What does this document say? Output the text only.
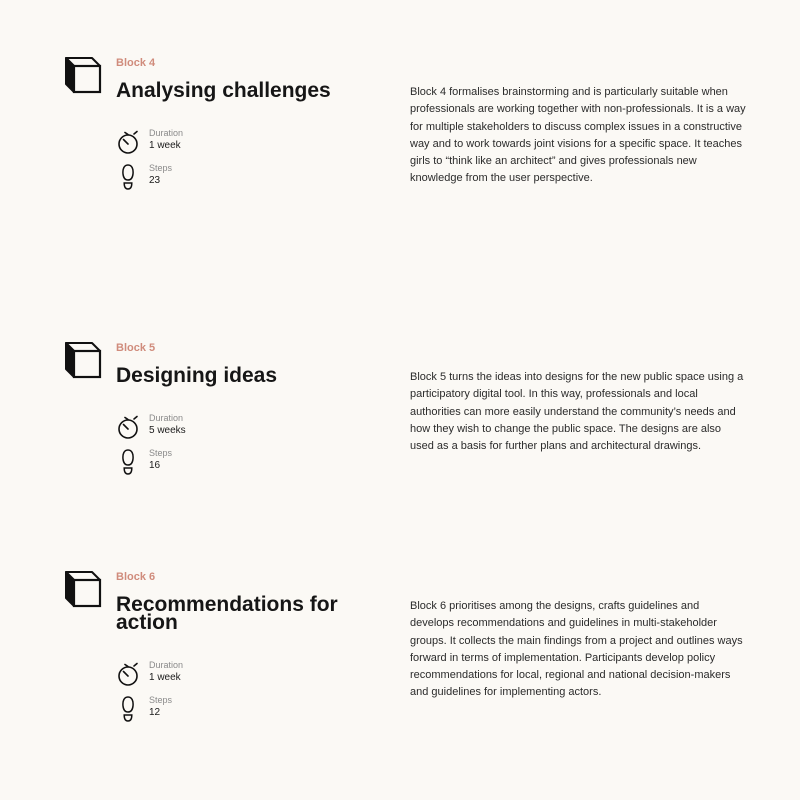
Block 4
Analysing challenges
Duration
1 week
Steps
23

Block 4 formalises brainstorming and is particularly suitable when professionals are working together with non-professionals. It is a way for multiple stakeholders to discuss complex issues in a constructive way and to work towards joint visions for a specific space. It teaches girls to “think like an architect” and gives professionals new knowledge from the user perspective.

Block 5
Designing ideas
Duration
5 weeks
Steps
16

Block 5 turns the ideas into designs for the new public space using a participatory digital tool. In this way, professionals and local authorities can more easily understand the community’s needs and how they wish to change the public space. The designs are also used as a basis for further plans and architectural drawings.

Block 6
Recommendations for action
Duration
1 week
Steps
12

Block 6 prioritises among the designs, crafts guidelines and develops recommendations and guidelines in multi-stakeholder groups. It collects the main findings from a project and outlines ways forward in terms of implementation. Participants develop policy recommendations for local, regional and national decision-makers and guidelines for implementing actors.
